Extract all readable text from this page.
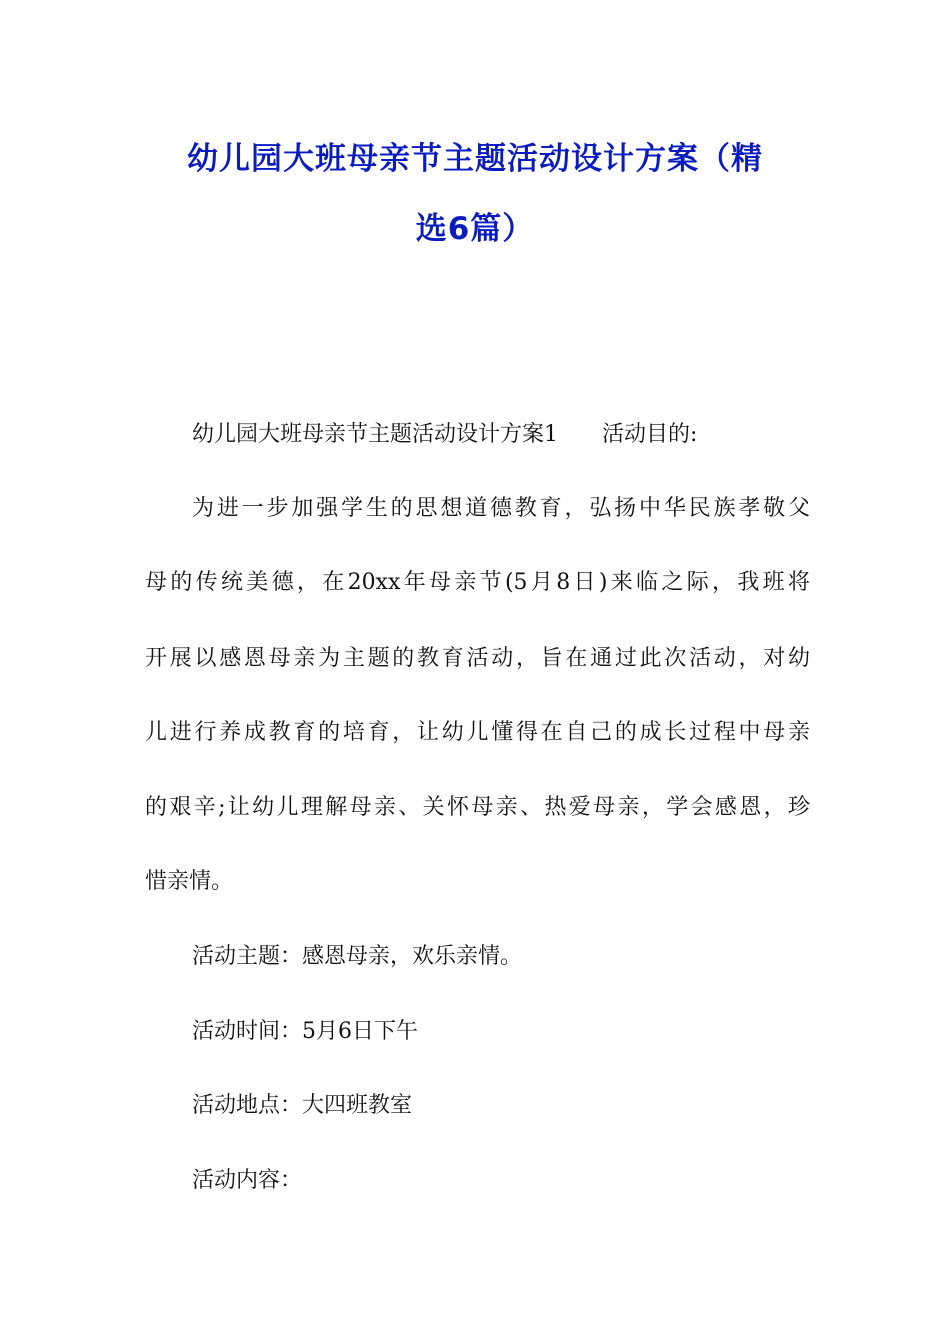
幼儿园大班母亲节主题活动设计方案（精
选6篇）

幼儿园大班母亲节主题活动设计方案1 活动目的:

为进一步加强学生的思想道德教育，弘扬中华民族孝敬父

母的传统美德，在20xx年母亲节(5月8日)来临之际，我班将

开展以感恩母亲为主题的教育活动，旨在通过此次活动，对幼

儿进行养成教育的培育，让幼儿懂得在自己的成长过程中母亲

的艰辛;让幼儿理解母亲、关怀母亲、热爱母亲，学会感恩，珍

惜亲情。

活动主题：感恩母亲，欢乐亲情。

活动时间：5月6日下午

活动地点：大四班教室

活动内容：
